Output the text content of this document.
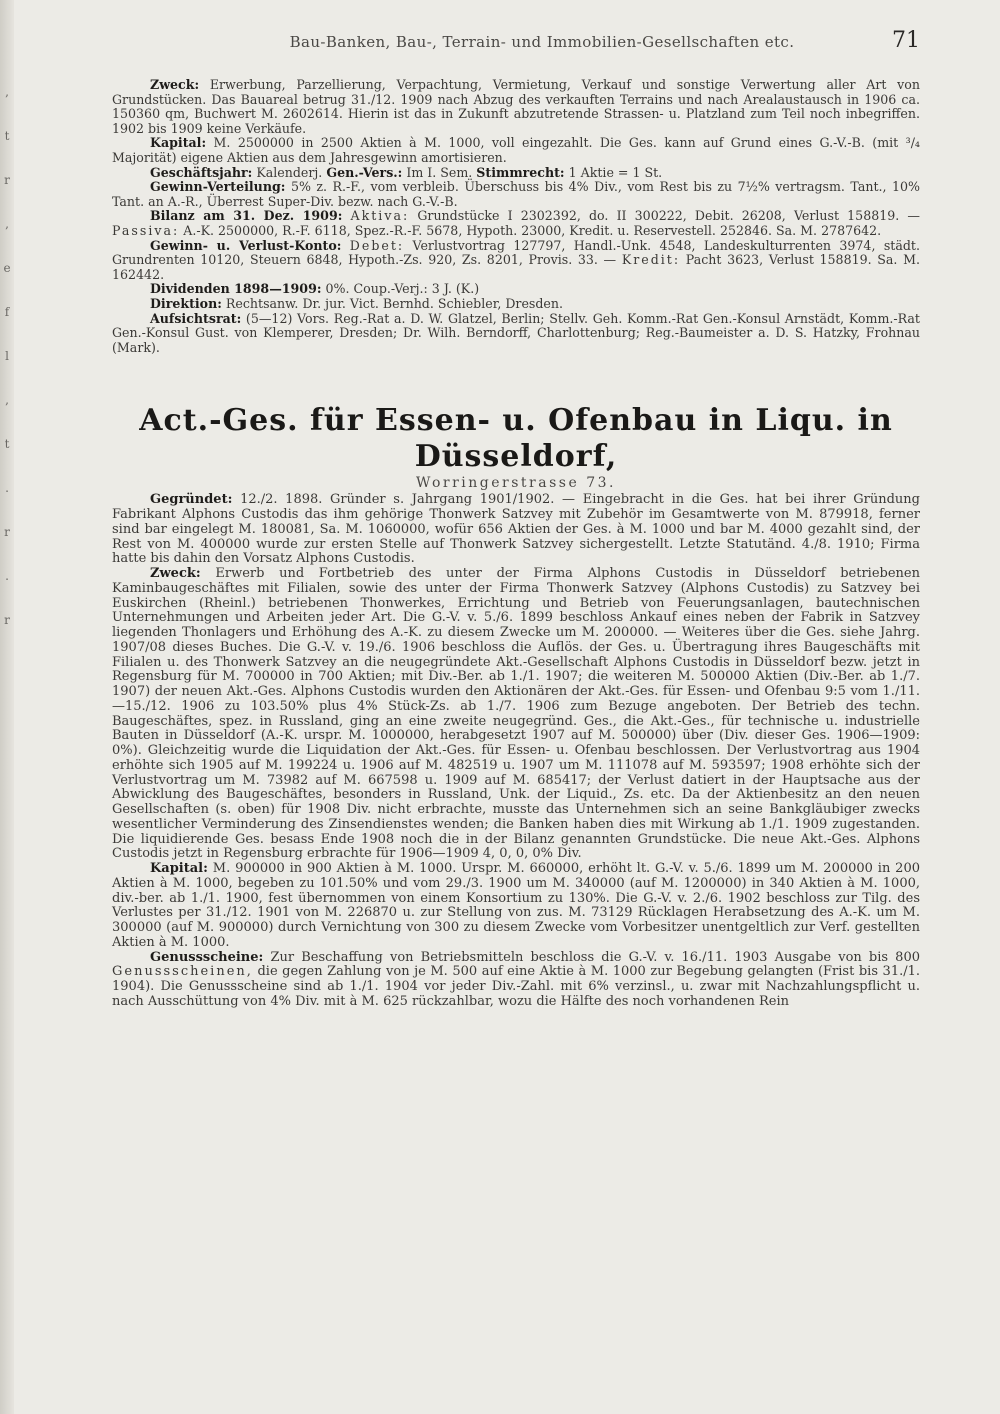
,
t
r
,
e
f
l
,
t
.
r
.
r
Bau-Banken, Bau-, Terrain- und Immobilien-Gesellschaften etc.	71

Zweck: Erwerbung, Parzellierung, Verpachtung, Vermietung, Verkauf und sonstige Verwertung aller Art von Grundstücken. Das Bauareal betrug 31./12. 1909 nach Abzug des verkauften Terrains und nach Arealaustausch in 1906 ca. 150360 qm, Buchwert M. 2602614. Hierin ist das in Zukunft abzutretende Strassen- u. Platzland zum Teil noch inbegriffen. 1902 bis 1909 keine Verkäufe.

Kapital: M. 2500000 in 2500 Aktien à M. 1000, voll eingezahlt. Die Ges. kann auf Grund eines G.-V.-B. (mit ³/₄ Majorität) eigene Aktien aus dem Jahresgewinn amortisieren.

Geschäftsjahr: Kalenderj. Gen.-Vers.: Im I. Sem. Stimmrecht: 1 Aktie = 1 St.

Gewinn-Verteilung: 5% z. R.-F., vom verbleib. Überschuss bis 4% Div., vom Rest bis zu 7½% vertragsm. Tant., 10% Tant. an A.-R., Überrest Super-Div. bezw. nach G.-V.-B.

Bilanz am 31. Dez. 1909: Aktiva: Grundstücke I 2302392, do. II 300222, Debit. 26208, Verlust 158819. — Passiva: A.-K. 2500000, R.-F. 6118, Spez.-R.-F. 5678, Hypoth. 23000, Kredit. u. Reservestell. 252846. Sa. M. 2787642.

Gewinn- u. Verlust-Konto: Debet: Verlustvortrag 127797, Handl.-Unk. 4548, Landeskulturrenten 3974, städt. Grundrenten 10120, Steuern 6848, Hypoth.-Zs. 920, Zs. 8201, Provis. 33. — Kredit: Pacht 3623, Verlust 158819. Sa. M. 162442.

Dividenden 1898—1909: 0%. Coup.-Verj.: 3 J. (K.)

Direktion: Rechtsanw. Dr. jur. Vict. Bernhd. Schiebler, Dresden.

Aufsichtsrat: (5—12) Vors. Reg.-Rat a. D. W. Glatzel, Berlin; Stellv. Geh. Komm.-Rat Gen.-Konsul Arnstädt, Komm.-Rat Gen.-Konsul Gust. von Klemperer, Dresden; Dr. Wilh. Berndorff, Charlottenburg; Reg.-Baumeister a. D. S. Hatzky, Frohnau (Mark).

Act.-Ges. für Essen- u. Ofenbau in Liqu. in Düsseldorf,
Worringerstrasse 73.

Gegründet: 12./2. 1898. Gründer s. Jahrgang 1901/1902. — Eingebracht in die Ges. hat bei ihrer Gründung Fabrikant Alphons Custodis das ihm gehörige Thonwerk Satzvey mit Zubehör im Gesamtwerte von M. 879918, ferner sind bar eingelegt M. 180081, Sa. M. 1060000, wofür 656 Aktien der Ges. à M. 1000 und bar M. 4000 gezahlt sind, der Rest von M. 400000 wurde zur ersten Stelle auf Thonwerk Satzvey sichergestellt. Letzte Statutänd. 4./8. 1910; Firma hatte bis dahin den Vorsatz Alphons Custodis.

Zweck: Erwerb und Fortbetrieb des unter der Firma Alphons Custodis in Düsseldorf betriebenen Kaminbaugeschäftes mit Filialen, sowie des unter der Firma Thonwerk Satzvey (Alphons Custodis) zu Satzvey bei Euskirchen (Rheinl.) betriebenen Thonwerkes, Errichtung und Betrieb von Feuerungsanlagen, bautechnischen Unternehmungen und Arbeiten jeder Art. Die G.-V. v. 5./6. 1899 beschloss Ankauf eines neben der Fabrik in Satzvey liegenden Thonlagers und Erhöhung des A.-K. zu diesem Zwecke um M. 200000. — Weiteres über die Ges. siehe Jahrg. 1907/08 dieses Buches. Die G.-V. v. 19./6. 1906 beschloss die Auflös. der Ges. u. Übertragung ihres Baugeschäfts mit Filialen u. des Thonwerk Satzvey an die neugegründete Akt.-Gesellschaft Alphons Custodis in Düsseldorf bezw. jetzt in Regensburg für M. 700000 in 700 Aktien; mit Div.-Ber. ab 1./1. 1907; die weiteren M. 500000 Aktien (Div.-Ber. ab 1./7. 1907) der neuen Akt.-Ges. Alphons Custodis wurden den Aktionären der Akt.-Ges. für Essen- und Ofenbau 9:5 vom 1./11.—15./12. 1906 zu 103.50% plus 4% Stück-Zs. ab 1./7. 1906 zum Bezuge angeboten. Der Betrieb des techn. Baugeschäftes, spez. in Russland, ging an eine zweite neugegründ. Ges., die Akt.-Ges., für technische u. industrielle Bauten in Düsseldorf (A.-K. urspr. M. 1000000, herabgesetzt 1907 auf M. 500000) über (Div. dieser Ges. 1906—1909: 0%). Gleichzeitig wurde die Liquidation der Akt.-Ges. für Essen- u. Ofenbau beschlossen. Der Verlustvortrag aus 1904 erhöhte sich 1905 auf M. 199224 u. 1906 auf M. 482519 u. 1907 um M. 111078 auf M. 593597; 1908 erhöhte sich der Verlustvortrag um M. 73982 auf M. 667598 u. 1909 auf M. 685417; der Verlust datiert in der Hauptsache aus der Abwicklung des Baugeschäftes, besonders in Russland, Unk. der Liquid., Zs. etc. Da der Aktienbesitz an den neuen Gesellschaften (s. oben) für 1908 Div. nicht erbrachte, musste das Unternehmen sich an seine Bankgläubiger zwecks wesentlicher Verminderung des Zinsendienstes wenden; die Banken haben dies mit Wirkung ab 1./1. 1909 zugestanden. Die liquidierende Ges. besass Ende 1908 noch die in der Bilanz genannten Grundstücke. Die neue Akt.-Ges. Alphons Custodis jetzt in Regensburg erbrachte für 1906—1909 4, 0, 0, 0% Div.

Kapital: M. 900000 in 900 Aktien à M. 1000. Urspr. M. 660000, erhöht lt. G.-V. v. 5./6. 1899 um M. 200000 in 200 Aktien à M. 1000, begeben zu 101.50% und vom 29./3. 1900 um M. 340000 (auf M. 1200000) in 340 Aktien à M. 1000, div.-ber. ab 1./1. 1900, fest übernommen von einem Konsortium zu 130%. Die G.-V. v. 2./6. 1902 beschloss zur Tilg. des Verlustes per 31./12. 1901 von M. 226870 u. zur Stellung von zus. M. 73129 Rücklagen Herabsetzung des A.-K. um M. 300000 (auf M. 900000) durch Vernichtung von 300 zu diesem Zwecke vom Vorbesitzer unentgeltlich zur Verf. gestellten Aktien à M. 1000.

Genussscheine: Zur Beschaffung von Betriebsmitteln beschloss die G.-V. v. 16./11. 1903 Ausgabe von bis 800 Genussscheinen, die gegen Zahlung von je M. 500 auf eine Aktie à M. 1000 zur Begebung gelangten (Frist bis 31./1. 1904). Die Genussscheine sind ab 1./1. 1904 vor jeder Div.-Zahl. mit 6% verzinsl., u. zwar mit Nachzahlungspflicht u. nach Ausschüttung von 4% Div. mit à M. 625 rückzahlbar, wozu die Hälfte des noch vorhandenen Rein
